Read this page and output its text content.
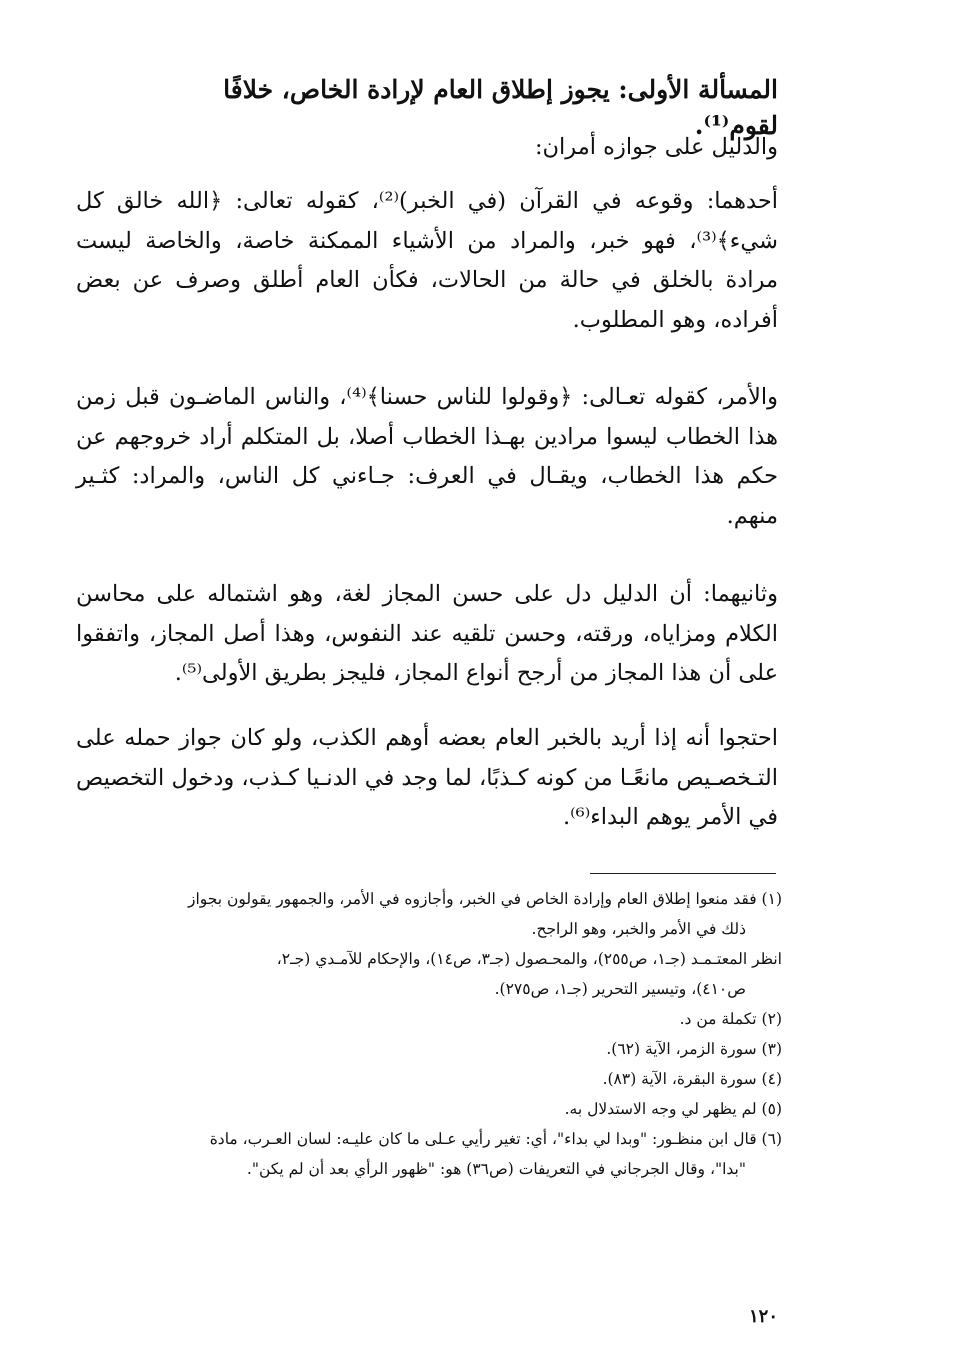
المسألة الأولى: يجوز إطلاق العام لإرادة الخاص، خلافًا لقوم⁽¹⁾.
والدليل على جوازه أمران:
أحدهما: وقوعه في القرآن (في الخبر)⁽²⁾، كقوله تعالى: ﴿الله خالق كل شيء﴾⁽³⁾، فهو خبر، والمراد من الأشياء الممكنة خاصة، والخاصة ليست مرادة بالخلق في حالة من الحالات، فكأن العام أطلق وصرف عن بعض أفراده، وهو المطلوب.
والأمر، كقوله تعـالى: ﴿وقولوا للناس حسنا﴾⁽⁴⁾، والناس الماضـون قبل زمن هذا الخطاب ليسوا مرادين بهـذا الخطاب أصلا، بل المتكلم أراد خروجهم عن حكم هذا الخطاب، ويقـال في العرف: جـاءني كل الناس، والمراد: كثـير منهم.
وثانيهما: أن الدليل دل على حسن المجاز لغة، وهو اشتماله على محاسن الكلام ومزاياه، ورقته، وحسن تلقيه عند النفوس، وهذا أصل المجاز، واتفقوا على أن هذا المجاز من أرجح أنواع المجاز، فليجز بطريق الأولى⁽⁵⁾.
احتجوا أنه إذا أريد بالخبر العام بعضه أوهم الكذب، ولو كان جواز حمله على التـخصـيص مانعًـا من كونه كـذبًا، لما وجد في الدنـيا كـذب، ودخول التخصيص في الأمر يوهم البداء⁽⁶⁾.
(١) فقد منعوا إطلاق العام وإرادة الخاص في الخبر، وأجازوه في الأمر، والجمهور يقولون بجواز
ذلك في الأمر والخبر، وهو الراجح.
انظر المعتـمـد (جـ١، ص٢٥٥)، والمحـصول (جـ٣، ص١٤)، والإحكام للآمـدي (جـ٢،
ص٤١٠)، وتيسير التحرير (جـ١، ص٢٧٥).
(٢) تكملة من د.
(٣) سورة الزمر، الآية (٦٢).
(٤) سورة البقرة، الآية (٨٣).
(٥) لم يظهر لي وجه الاستدلال به.
(٦) قال ابن منظـور: "وبدا لي بداء"، أي: تغير رأيي عـلى ما كان عليـه: لسان العـرب، مادة
"بدا"، وقال الجرجاني في التعريفات (ص٣٦) هو: "ظهور الرأي بعد أن لم يكن".
١٢٠
